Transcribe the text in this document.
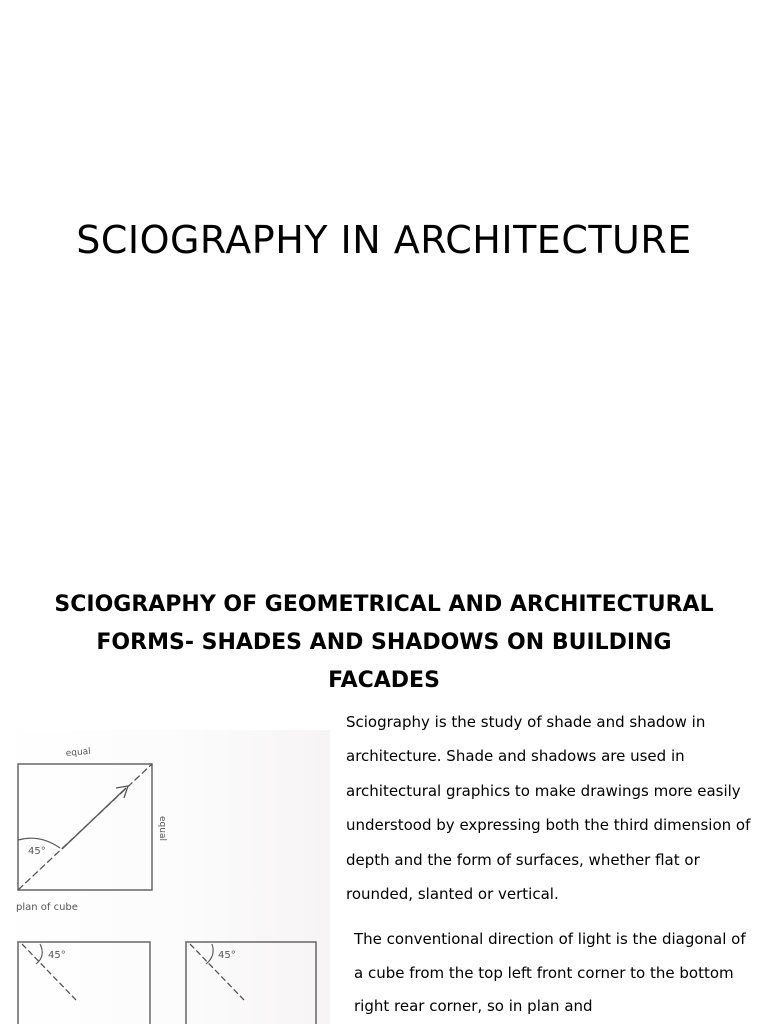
SCIOGRAPHY IN ARCHITECTURE
SCIOGRAPHY OF GEOMETRICAL AND ARCHITECTURAL
FORMS- SHADES AND SHADOWS ON BUILDING
FACADES
45°
equal
equal
plan of cube
45°	45°

Sciography is the study of shade and shadow in architecture. Shade and shadows are used in architectural graphics to make drawings more easily understood by expressing both the third dimension of depth and the form of surfaces, whether flat or rounded, slanted or vertical.

The conventional direction of light is the diagonal of a cube from the top left front corner to the bottom right rear corner, so in plan and
